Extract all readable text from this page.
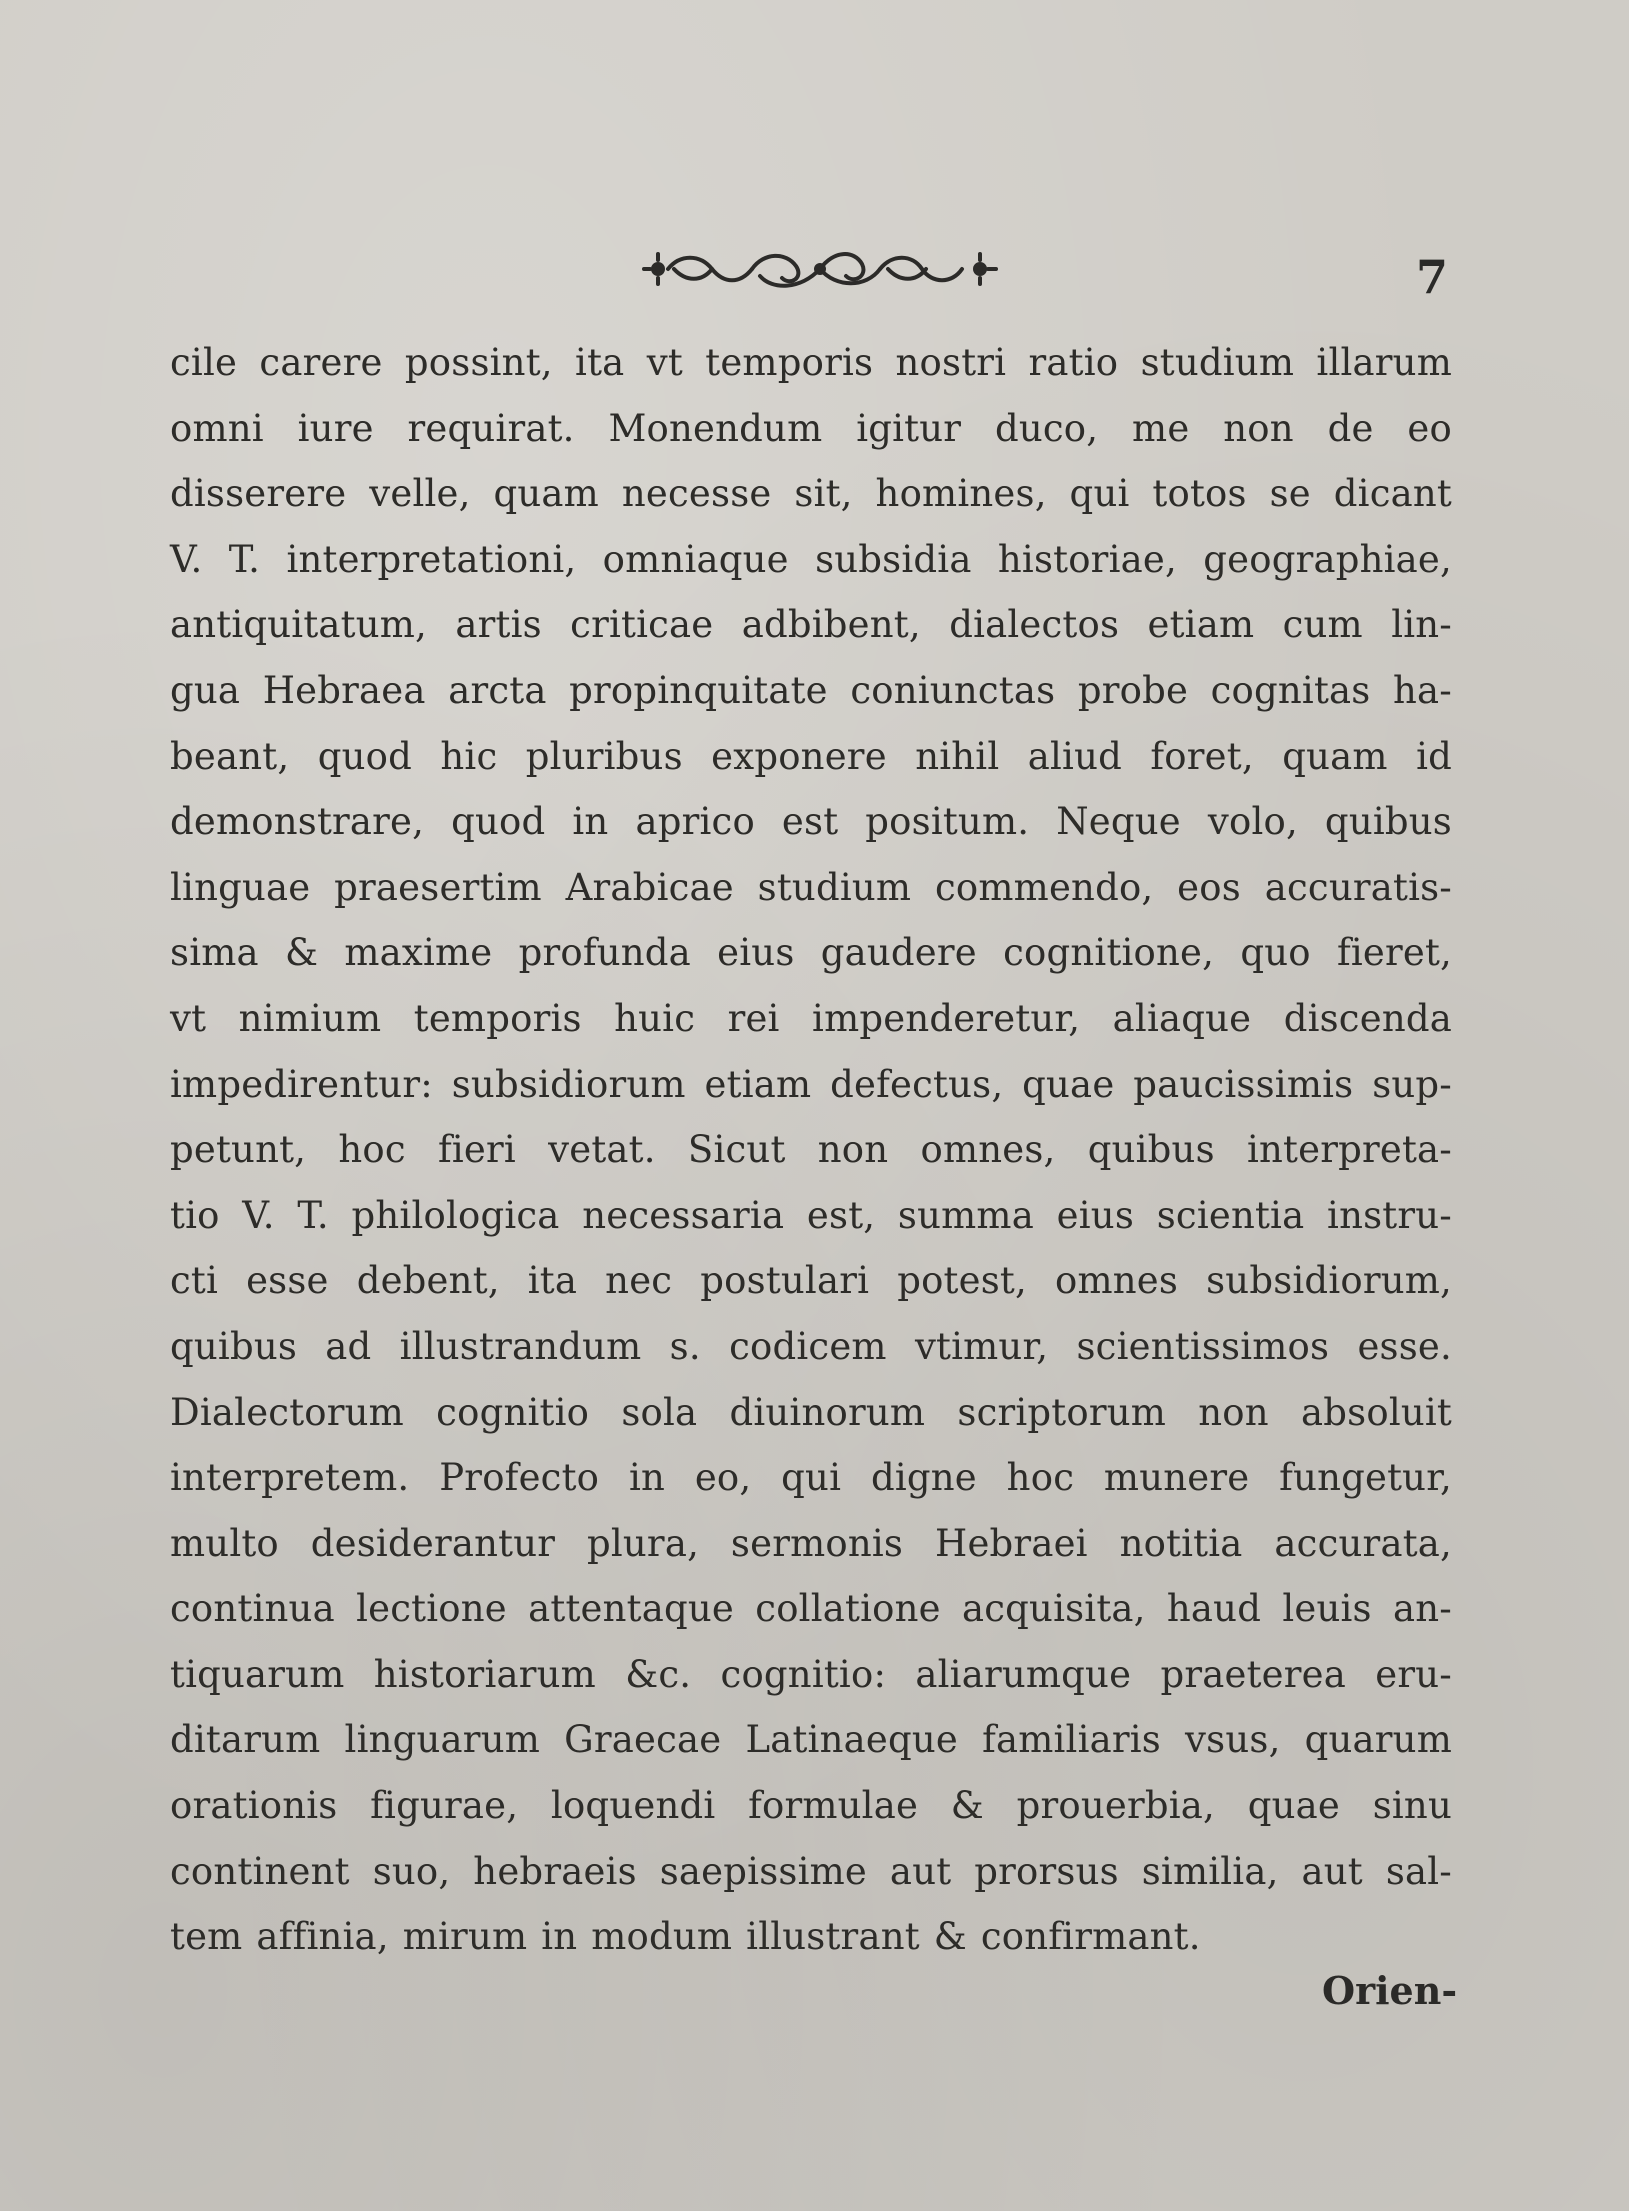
7
cile carere possint, ita vt temporis nostri ratio studium illarum
omni iure requirat. Monendum igitur duco, me non de eo
disserere velle, quam necesse sit, homines, qui totos se dicant
V. T. interpretationi, omniaque subsidia historiae, geographiae,
antiquitatum, artis criticae adbibent, dialectos etiam cum lin-
gua Hebraea arcta propinquitate coniunctas probe cognitas ha-
beant, quod hic pluribus exponere nihil aliud foret, quam id
demonstrare, quod in aprico est positum. Neque volo, quibus
linguae praesertim Arabicae studium commendo, eos accuratis-
sima & maxime profunda eius gaudere cognitione, quo fieret,
vt nimium temporis huic rei impenderetur, aliaque discenda
impedirentur: subsidiorum etiam defectus, quae paucissimis sup-
petunt, hoc fieri vetat. Sicut non omnes, quibus interpreta-
tio V. T. philologica necessaria est, summa eius scientia instru-
cti esse debent, ita nec postulari potest, omnes subsidiorum,
quibus ad illustrandum s. codicem vtimur, scientissimos esse.
Dialectorum cognitio sola diuinorum scriptorum non absoluit
interpretem. Profecto in eo, qui digne hoc munere fungetur,
multo desiderantur plura, sermonis Hebraei notitia accurata,
continua lectione attentaque collatione acquisita, haud leuis an-
tiquarum historiarum &c. cognitio: aliarumque praeterea eru-
ditarum linguarum Graecae Latinaeque familiaris vsus, quarum
orationis figurae, loquendi formulae & prouerbia, quae sinu
continent suo, hebraeis saepissime aut prorsus similia, aut sal-
tem affinia, mirum in modum illustrant & confirmant.
Orien-
